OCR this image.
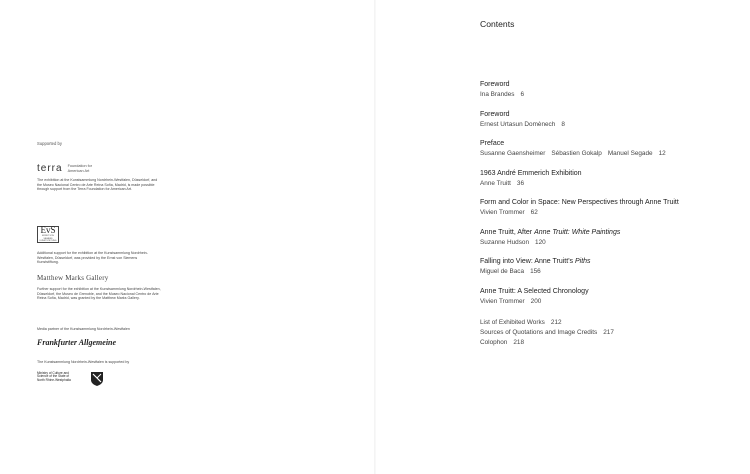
Supported by
terra Foundation for American Art
The exhibition at the Kunstsammlung Nordrhein-Westfalen, Düsseldorf, and the Museo Nacional Centro de Arte Reina Sofía, Madrid, is made possible through support from the Terra Foundation for American Art.
EvS
ERNST VON SIEMENS KUNSTSTIFTUNG
Additional support for the exhibition at the Kunstsammlung Nordrhein-Westfalen, Düsseldorf, was provided by the Ernst von Siemens Kunststiftung.
Matthew Marks Gallery
Further support for the exhibition at the Kunstsammlung Nordrhein-Westfalen, Düsseldorf, the Museo de Grenoble, and the Museo Nacional Centro de Arte Reina Sofía, Madrid, was granted by the Matthew Marks Gallery.
Media partner of the Kunstsammlung Nordrhein-Westfalen
Frankfurter Allgemeine
The Kunstsammlung Nordrhein-Westfalen is supported by
Ministry of Culture and Science of the State of North Rhine-Westphalia
Contents
Foreword
Ina Brandes 6
Foreword
Ernest Urtasun Domènech 8
Preface
Susanne Gaensheimer Sébastien Gokalp Manuel Segade 12
1963 André Emmerich Exhibition
Anne Truitt 36
Form and Color in Space: New Perspectives through Anne Truitt
Vivien Trommer 62
Anne Truitt, After Anne Truitt: White Paintings
Suzanne Hudson 120
Falling into View: Anne Truitt's Piths
Miguel de Baca 156
Anne Truitt: A Selected Chronology
Vivien Trommer 200
List of Exhibited Works 212
Sources of Quotations and Image Credits 217
Colophon 218
